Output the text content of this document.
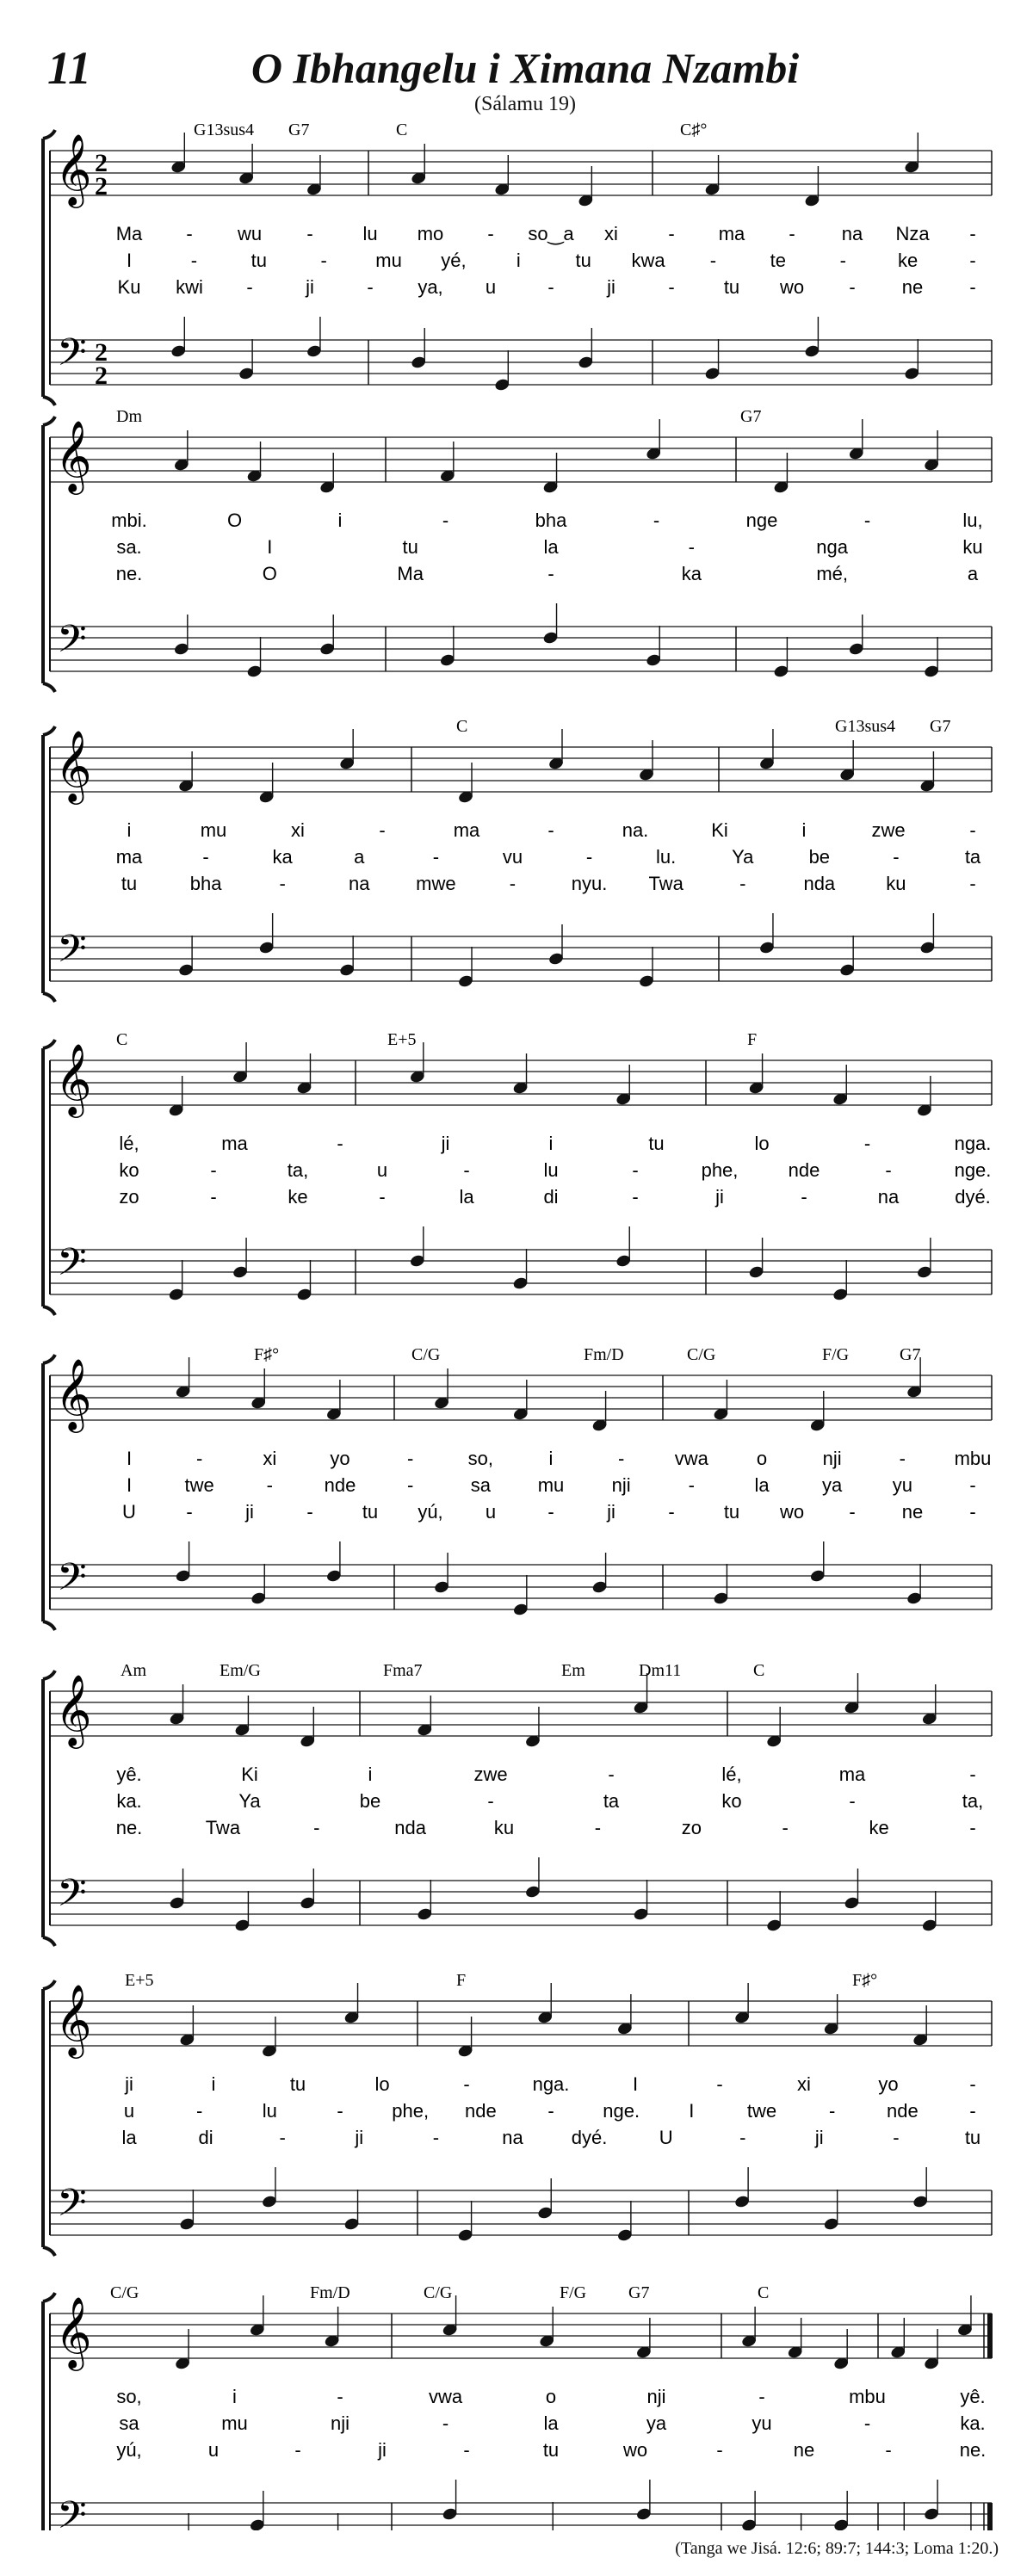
11	O Ibhangelu i Ximana Nzambi
(Sálamu 19)
𝄞
𝄢
2
2
2
2
G13sus4 G7	C	C♯°
Ma - wu -	lu mo - so‿a xi	- ma - na Nza -
I	-	tu	-	mu yé,	i	tu kwa -	te	-	ke	-
Ku kwi -	ji	- ya, u	-	ji	-	tu wo - ne -
𝄞
𝄢
Dm	G7
mbi.	O	i	-	bha	-	nge	-	lu,
sa.	I	tu	la	-	nga	ku
ne.	O	Ma	-	ka	mé,	a
𝄞
𝄢
C	G13sus4 G7
i	mu	xi	-	ma	-	na.	Ki	i	zwe	-
ma	-	ka	a	-	vu	-	lu.	Ya	be	-	ta
tu	bha	-	na mwe	-	nyu. Twa	-	nda	ku	-
𝄞
𝄢
C	E+5	F
lé,	ma	-	ji	i	tu	lo	-	nga.
ko	-	ta,	u	-	lu	-	phe,	nde	-	nge.
zo	-	ke	-	la	di	-	ji	-	na	dyé.
𝄞
𝄢
F♯°	C/G	Fm/D	C/G	F/G	G7
I	-	xi	yo	-	so,	i	-	vwa	o	nji	-	mbu
I	twe	-	nde	-	sa mu	nji	-	la	ya	yu	-
U	-	ji	-	tu yú, u	-	ji	-	tu wo - ne -
𝄞
𝄢
Am	Em/G	Fma7	Em	Dm11	C
yê.	Ki	i	zwe	-	lé,	ma	-
ka.	Ya	be	-	ta	ko	-	ta,
ne.	Twa	-	nda	ku	-	zo	-	ke	-
𝄞
𝄢
E+5	F	F♯°
ji	i	tu	lo	-	nga.	I	-	xi	yo	-
u	-	lu	-	phe, nde	-	nge.	I	twe	-	nde	-
la	di	-	ji	-	na	dyé.	U	-	ji	-	tu
𝄞
𝄢
C/G	Fm/D	C/G	F/G G7	C
so,	i	-	vwa	o	nji	-	mbu	yê.
sa	mu	nji	-	la	ya	yu	-	ka.
yú,	u	-	ji	-	tu	wo	-	ne	-	ne.
(Tanga we Jisá. 12:6; 89:7; 144:3; Loma 1:20.)
